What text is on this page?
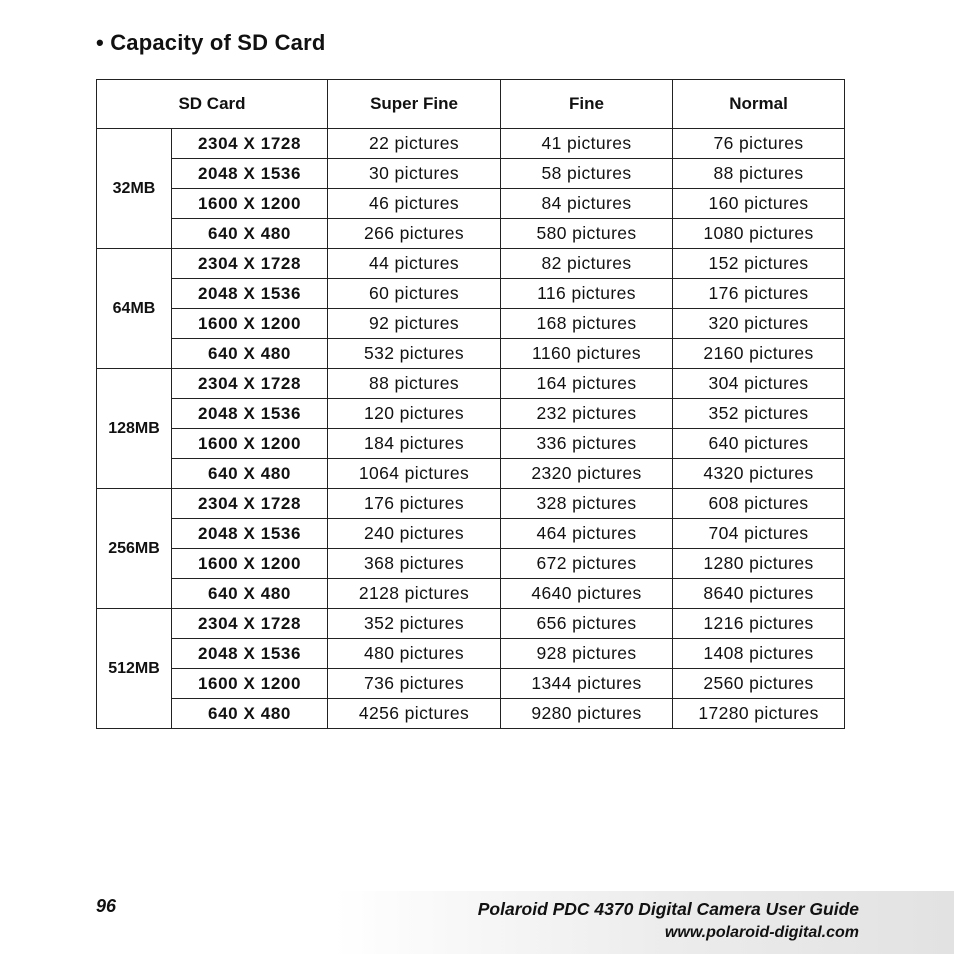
• Capacity of SD Card
SD Card		Super Fine	Fine	Normal
32MB	2304 X 1728	22 pictures	41 pictures	76 pictures
	2048 X 1536	30 pictures	58 pictures	88 pictures
	1600 X 1200	46 pictures	84 pictures	160 pictures
	640 X 480	266 pictures	580 pictures	1080 pictures
64MB	2304 X 1728	44 pictures	82 pictures	152 pictures
	2048 X 1536	60 pictures	116 pictures	176 pictures
	1600 X 1200	92 pictures	168 pictures	320 pictures
	640 X 480	532 pictures	1160 pictures	2160 pictures
128MB	2304 X 1728	88 pictures	164 pictures	304 pictures
	2048 X 1536	120 pictures	232 pictures	352 pictures
	1600 X 1200	184 pictures	336 pictures	640 pictures
	640 X 480	1064 pictures	2320 pictures	4320 pictures
256MB	2304 X 1728	176 pictures	328 pictures	608 pictures
	2048 X 1536	240 pictures	464 pictures	704 pictures
	1600 X 1200	368 pictures	672 pictures	1280 pictures
	640 X 480	2128 pictures	4640 pictures	8640 pictures
512MB	2304 X 1728	352 pictures	656 pictures	1216 pictures
	2048 X 1536	480 pictures	928 pictures	1408 pictures
	1600 X 1200	736 pictures	1344 pictures	2560 pictures
	640 X 480	4256 pictures	9280 pictures	17280 pictures
96	Polaroid PDC 4370 Digital Camera User Guide
www.polaroid-digital.com
